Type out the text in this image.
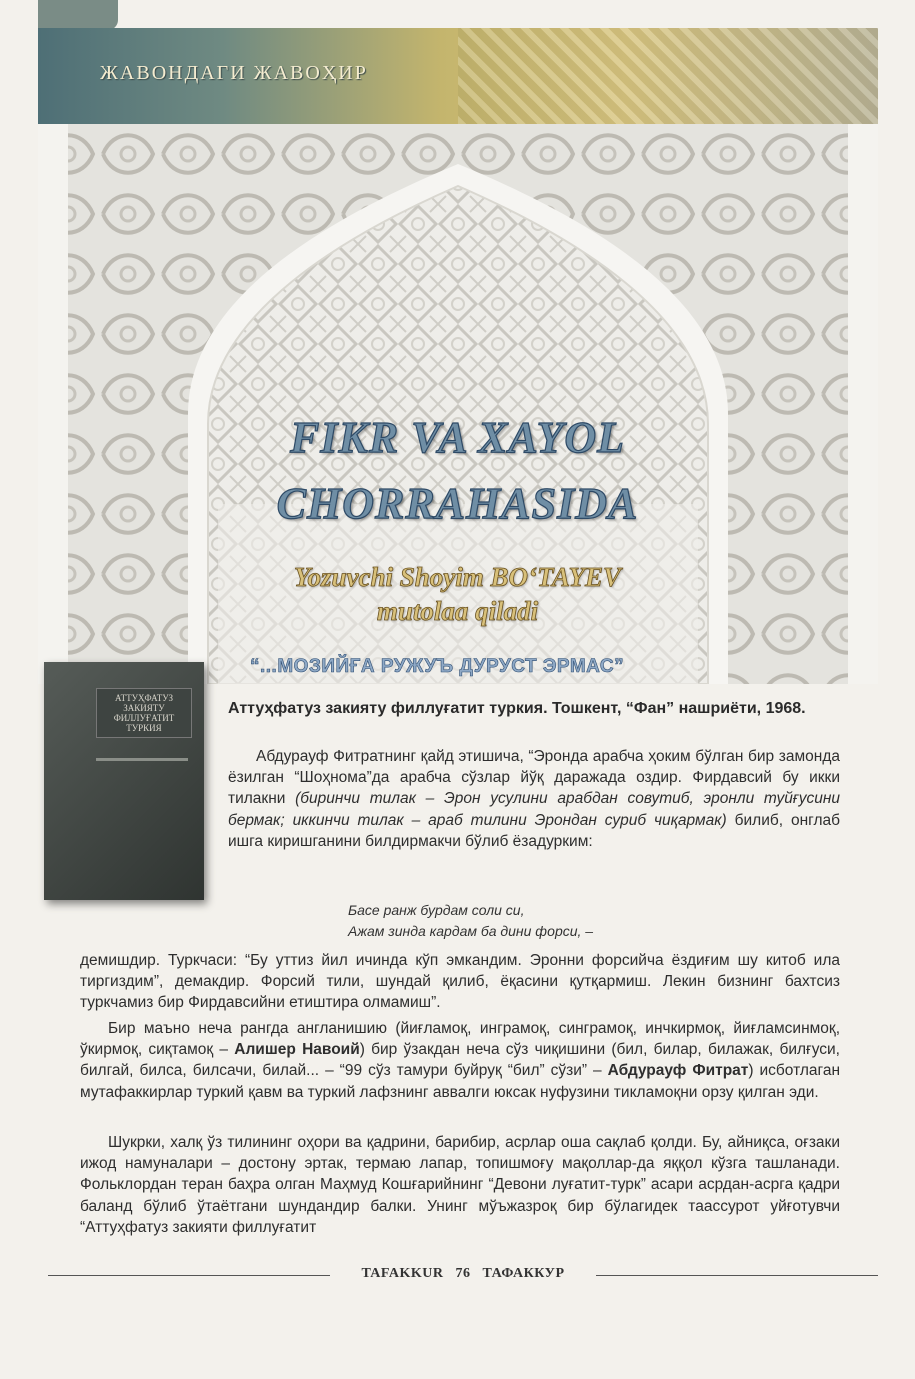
ЖАВОНДАГИ ЖАВОҲИР
FIKR VA XAYOL
CHORRAHASIDA
Yozuvchi Shoyim BO‘TAYEV
mutolaa qiladi
“...МОЗИЙҒА РУЖУЪ ДУРУСТ ЭРМАС”
АТТУҲФАТУЗ ЗАКИЯТУ ФИЛЛУҒАТИТ ТУРКИЯ
Аттуҳфатуз закияту филлуғатит туркия. Тошкент, “Фан” нашриёти, 1968.
Абдурауф Фитратнинг қайд этишича, “Эронда арабча ҳоким бўлган бир замонда ёзилган “Шоҳнома”да арабча сўзлар йўқ даражада оздир. Фирдавсий бу икки тилакни (биринчи тилак – Эрон усулини арабдан совутиб, эронли туйғусини бермак; иккинчи тилак – араб тилини Эрондан суриб чиқармак) билиб, онглаб ишга киришганини билдирмакчи бўлиб ёзадурким:
Басе ранж бурдам соли си,
Ажам зинда кардам ба дини форси, –
демишдир. Туркчаси: “Бу уттиз йил ичинда кўп эмкандим. Эронни форсийча ёздиғим шу китоб ила тиргиздим”, демакдир. Форсий тили, шундай қилиб, ёқасини қутқармиш. Лекин бизнинг бахтсиз туркчамиз бир Фирдавсийни етиштира олмамиш”.
Бир маъно неча рангда англанишию (йиғламоқ, инграмоқ, синграмоқ, инчкирмоқ, йиғламсинмоқ, ўкирмоқ, сиқтамоқ – Алишер Навоий) бир ўзакдан неча сўз чиқишини (бил, билар, билажак, билғуси, билгай, билса, билсачи, билай... – “99 сўз тамури буйруқ “бил” сўзи” – Абдурауф Фитрат) исботлаган мутафаккирлар туркий қавм ва туркий лафзнинг аввалги юксак нуфузини тикламоқни орзу қилган эди.
Шукрки, халқ ўз тилининг оҳори ва қадрини, барибир, асрлар оша сақлаб қолди. Бу, айниқса, оғзаки ижод намуналари – достону эртак, термаю лапар, топишмоғу мақоллар-да яққол кўзга ташланади. Фольклордан теран баҳра олган Маҳмуд Кошғарийнинг “Девони луғатит-турк” асари асрдан-асрга қадри баланд бўлиб ўтаётгани шундандир балки. Унинг мўъжазроқ бир бўлагидек таассурот уйғотувчи “Аттуҳфатуз закияти филлуғатит
TAFAKKUR 76 ТАФАККУР
